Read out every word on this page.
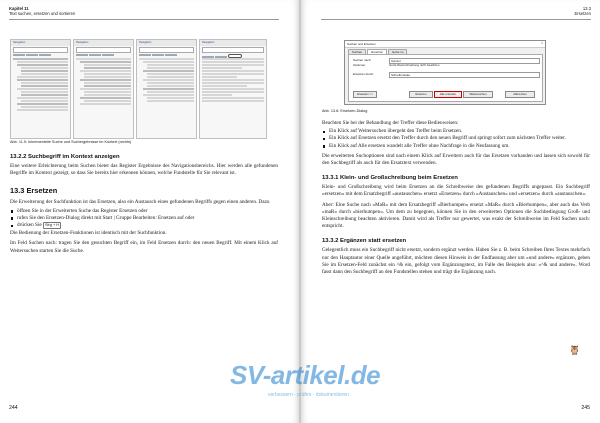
Kapitel 11
Text suchen, ersetzen und sortieren
Navigation	Navigation	Navigation	Navigation

Abb. 11.5: Inkrementelle Suche und Suchergebnisse im Kontext (rechts)

13.2.2 Suchbegriff im Kontext anzeigen

Eine weitere Erleichterung beim Suchen bietet das Register Ergebnisse des Navigationsbereichs. Hier werden alle gefundenen Begriffe im Kontext gezeigt, so dass Sie bereits hier erkennen können, welche Fundstelle für Sie relevant ist.

13.3 Ersetzen

Die Erweiterung der Suchfunktion ist das Ersetzen, also ein Austausch eines gefundenen Begriffs gegen einen anderen. Dazu

öffnen Sie in der Erweiterten Suche das Register Ersetzen oder
rufen Sie den Ersetzen-Dialog direkt mit Start | Gruppe Bearbeiten: Ersetzen auf oder
drücken Sie Strg + H

Die Bedienung der Ersetzen-Funktionen ist identisch mit der Suchfunktion.

Im Feld Suchen nach: tragen Sie den gesuchten Begriff ein, im Feld Ersetzen durch: den neuen Begriff. Mit einem Klick auf Weitersuchen starten Sie die Suche.

244
13.3
Ersetzen
Suchen und Ersetzen	×
Suchen	Ersetzen	Gehe zu
Suchen nach:	Ganzer
Optionen:	Groß-/Kleinschreibung nicht beachten
Ersetzen durch:	Schreibmaske
Erweitern >>	Ersetzen	Alle ersetzen	Weitersuchen	Abbrechen

Abb. 13.6: Ersetzen-Dialog

Beachten Sie bei der Behandlung der Treffer diese Bedienweisen:

Ein Klick auf Weitersuchen übergeht den Treffer beim Ersetzen.
Ein Klick auf Ersetzen ersetzt den Treffer durch den neuen Begriff und springt sofort zum nächsten Treffer weiter.
Ein Klick auf Alle ersetzen wandelt alle Treffer ohne Nachfrage in die Neufassung um.

Die erweiterten Suchoptionen sind nach einem Klick auf Erweitern auch für das Ersetzen vorhanden und lassen sich sowohl für den Suchbegriff als auch für den Ersatztext verwenden.

13.3.1 Klein- und Großschreibung beim Ersetzen

Klein- und Großschreibung wird beim Ersetzen an die Schreibweise des gefundenen Begriffs angepasst. Ein Suchbegriff »ersetzen« mit dem Ersatzbegriff »austauschen« ersetzt »Ersetzen« durch »Austauschen« und »ersetzen« durch »austauschen«.

Aber: Eine Suche nach »MaR« mit dem Ersatzbegriff »Bierhumpen« ersetzt »MaR« durch »Bierhumpen«, aber auch das Verb »maR« durch »bierhumpen«. Um dem zu begegnen, können Sie in den erweiterten Optionen die Suchbedingung Groß- und Kleinschreibung beachten aktivieren. Damit wird als Treffer nur gewertet, was exakt der Schreibweise im Feld Suchen nach: entspricht.

13.3.2 Ergänzen statt ersetzen

Gelegentlich muss ein Suchbegriff nicht ersetzt, sondern ergänzt werden. Haben Sie z. B. beim Schreiben Ihres Textes mehrfach nur den Hauptautor einer Quelle angeführt, möchten diesen Hinweis in der Endfassung aber um »und andere« ergänzen, geben Sie im Ersetzen-Feld zunächst ein ^& ein, gefolgt vom Ergänzungstext, im Falle des Beispiels also: »^& und andere«. Word fasst dann den Suchbegriff an den Fundstellen stehen und trägt die Ergänzung nach.

🦉
245
SV-artikel.de
verbessern · prüfen · dokumentieren
